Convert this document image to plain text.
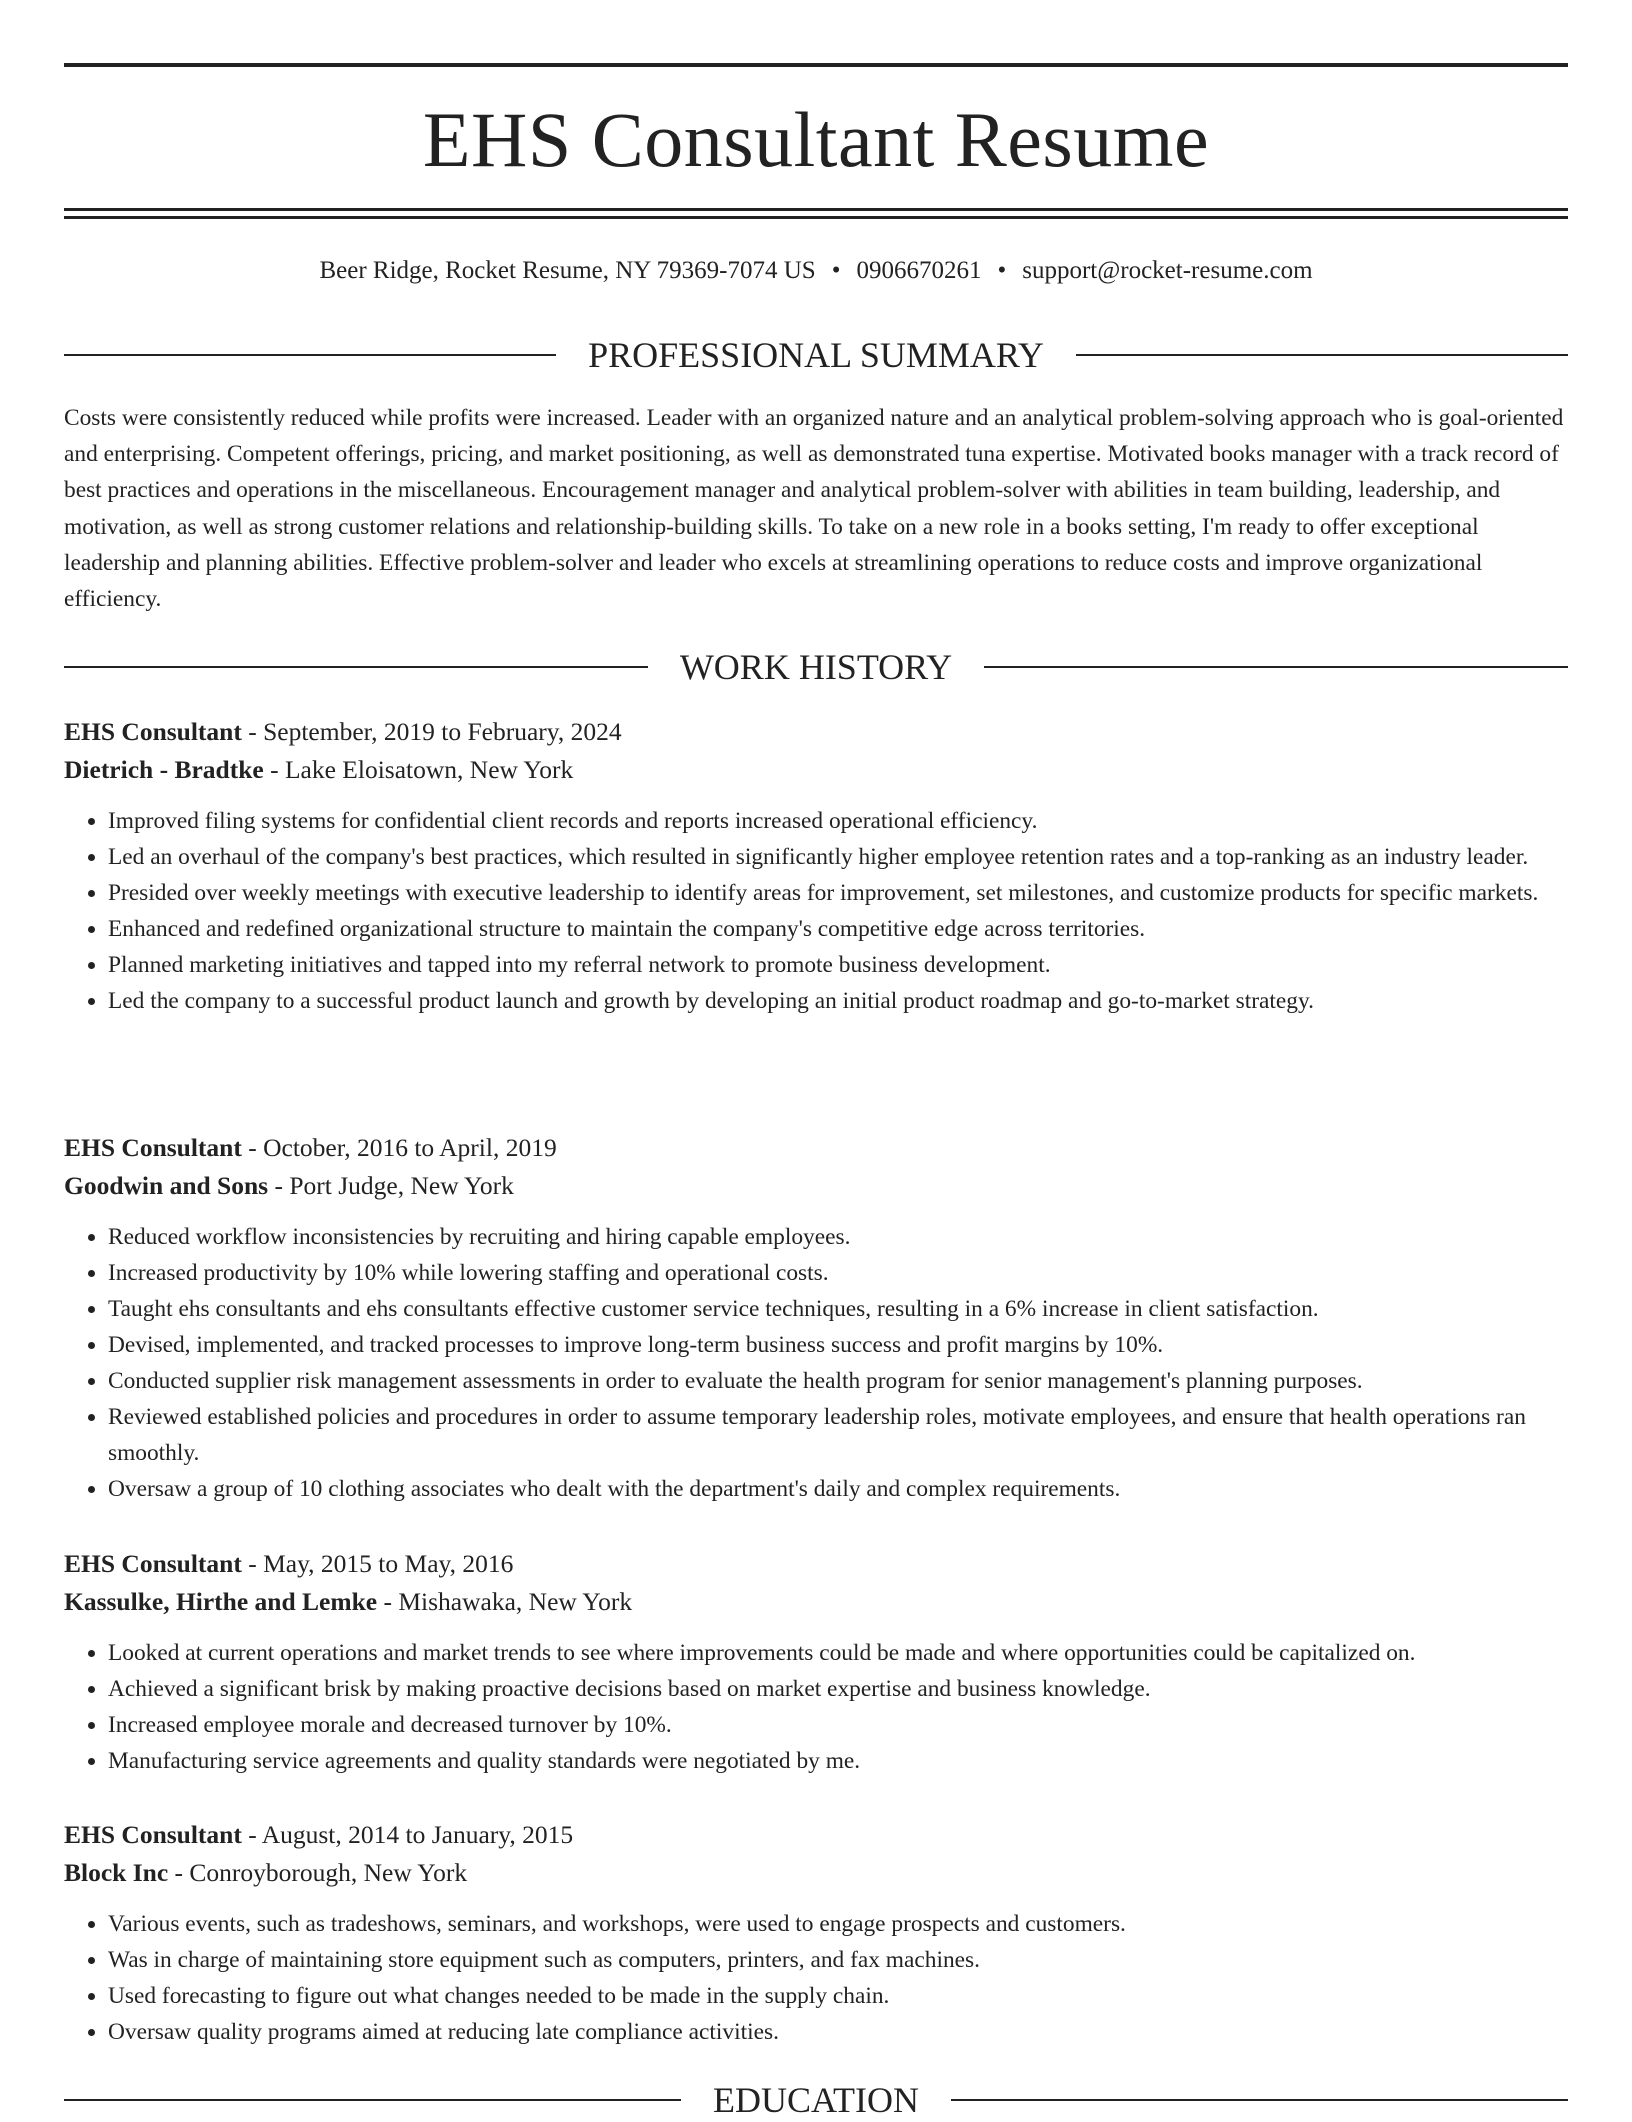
EHS Consultant Resume
Beer Ridge, Rocket Resume, NY 79369-7074 US • 0906670261 • support@rocket-resume.com
PROFESSIONAL SUMMARY

Costs were consistently reduced while profits were increased. Leader with an organized nature and an analytical problem-solving approach who is goal-oriented and enterprising. Competent offerings, pricing, and market positioning, as well as demonstrated tuna expertise. Motivated books manager with a track record of best practices and operations in the miscellaneous. Encouragement manager and analytical problem-solver with abilities in team building, leadership, and motivation, as well as strong customer relations and relationship-building skills. To take on a new role in a books setting, I'm ready to offer exceptional leadership and planning abilities. Effective problem-solver and leader who excels at streamlining operations to reduce costs and improve organizational efficiency.

WORK HISTORY
EHS Consultant - September, 2019 to February, 2024
Dietrich - Bradtke - Lake Eloisatown, New York
• Improved filing systems for confidential client records and reports increased operational efficiency.
• Led an overhaul of the company's best practices, which resulted in significantly higher employee retention rates and a top-ranking as an industry leader.
• Presided over weekly meetings with executive leadership to identify areas for improvement, set milestones, and customize products for specific markets.
• Enhanced and redefined organizational structure to maintain the company's competitive edge across territories.
• Planned marketing initiatives and tapped into my referral network to promote business development.
• Led the company to a successful product launch and growth by developing an initial product roadmap and go-to-market strategy.
EHS Consultant - October, 2016 to April, 2019
Goodwin and Sons - Port Judge, New York
• Reduced workflow inconsistencies by recruiting and hiring capable employees.
• Increased productivity by 10% while lowering staffing and operational costs.
• Taught ehs consultants and ehs consultants effective customer service techniques, resulting in a 6% increase in client satisfaction.
• Devised, implemented, and tracked processes to improve long-term business success and profit margins by 10%.
• Conducted supplier risk management assessments in order to evaluate the health program for senior management's planning purposes.
• Reviewed established policies and procedures in order to assume temporary leadership roles, motivate employees, and ensure that health operations ran smoothly.
• Oversaw a group of 10 clothing associates who dealt with the department's daily and complex requirements.
EHS Consultant - May, 2015 to May, 2016
Kassulke, Hirthe and Lemke - Mishawaka, New York
• Looked at current operations and market trends to see where improvements could be made and where opportunities could be capitalized on.
• Achieved a significant brisk by making proactive decisions based on market expertise and business knowledge.
• Increased employee morale and decreased turnover by 10%.
• Manufacturing service agreements and quality standards were negotiated by me.
EHS Consultant - August, 2014 to January, 2015
Block Inc - Conroyborough, New York
• Various events, such as tradeshows, seminars, and workshops, were used to engage prospects and customers.
• Was in charge of maintaining store equipment such as computers, printers, and fax machines.
• Used forecasting to figure out what changes needed to be made in the supply chain.
• Oversaw quality programs aimed at reducing late compliance activities.
EDUCATION
